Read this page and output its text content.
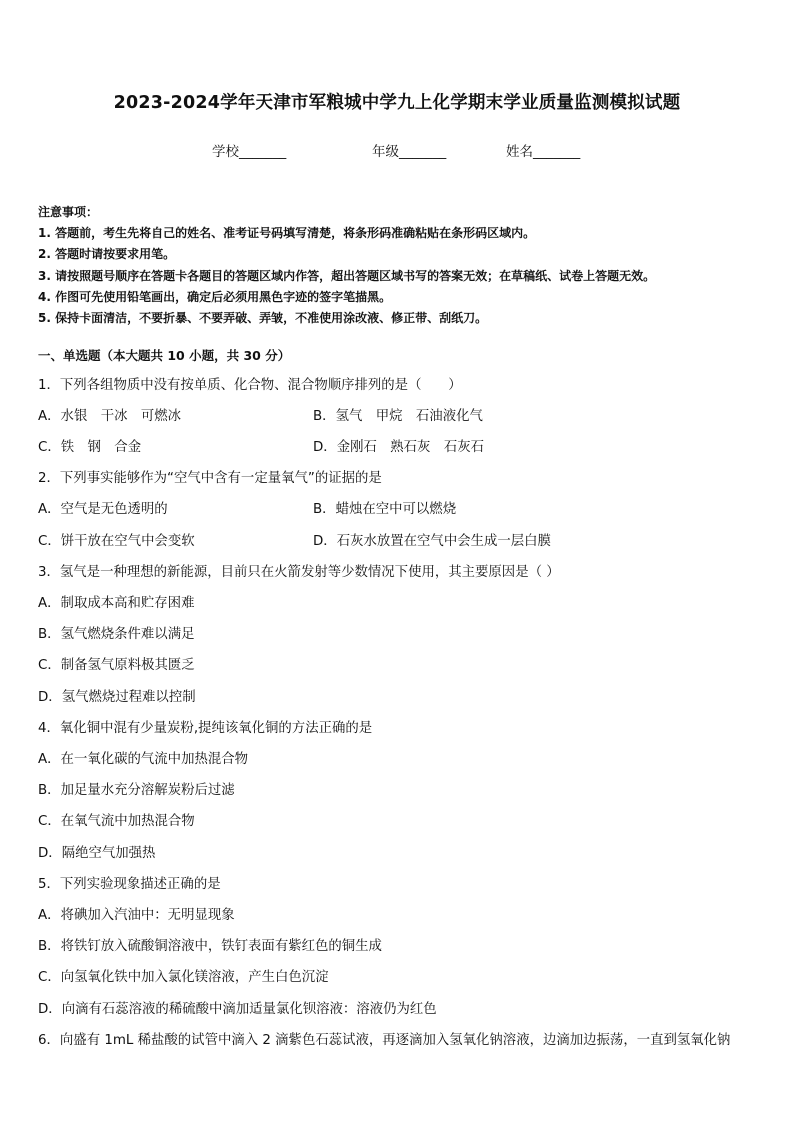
2023-2024学年天津市军粮城中学九上化学期末学业质量监测模拟试题
学校_______	年级_______	姓名_______
注意事项：
1. 答题前，考生先将自己的姓名、准考证号码填写清楚，将条形码准确粘贴在条形码区域内。
2. 答题时请按要求用笔。
3. 请按照题号顺序在答题卡各题目的答题区域内作答，超出答题区域书写的答案无效；在草稿纸、试卷上答题无效。
4. 作图可先使用铅笔画出，确定后必须用黑色字迹的签字笔描黑。
5. 保持卡面清洁，不要折暴、不要弄破、弄皱，不准使用涂改液、修正带、刮纸刀。
一、单选题（本大题共 10 小题，共 30 分）
1．下列各组物质中没有按单质、化合物、混合物顺序排列的是（　　）
A．水银　干冰　可燃冰	B．氢气　甲烷　石油液化气
C．铁　钢　合金	D．金刚石　熟石灰　石灰石
2．下列事实能够作为“空气中含有一定量氧气”的证据的是
A．空气是无色透明的	B．蜡烛在空中可以燃烧
C．饼干放在空气中会变软	D．石灰水放置在空气中会生成一层白膜
3．氢气是一种理想的新能源，目前只在火箭发射等少数情况下使用，其主要原因是（ ）
A．制取成本高和贮存困难
B．氢气燃烧条件难以满足
C．制备氢气原料极其匮乏
D．氢气燃烧过程难以控制
4．氧化铜中混有少量炭粉,提纯该氧化铜的方法正确的是
A．在一氧化碳的气流中加热混合物
B．加足量水充分溶解炭粉后过滤
C．在氧气流中加热混合物
D．隔绝空气加强热
5．下列实验现象描述正确的是
A．将碘加入汽油中：无明显现象
B．将铁钉放入硫酸铜溶液中，铁钉表面有紫红色的铜生成
C．向氢氧化铁中加入氯化镁溶液，产生白色沉淀
D．向滴有石蕊溶液的稀硫酸中滴加适量氯化钡溶液：溶液仍为红色
6．向盛有 1mL 稀盐酸的试管中滴入 2 滴紫色石蕊试液，再逐滴加入氢氧化钠溶液，边滴加边振荡，一直到氢氧化钠
